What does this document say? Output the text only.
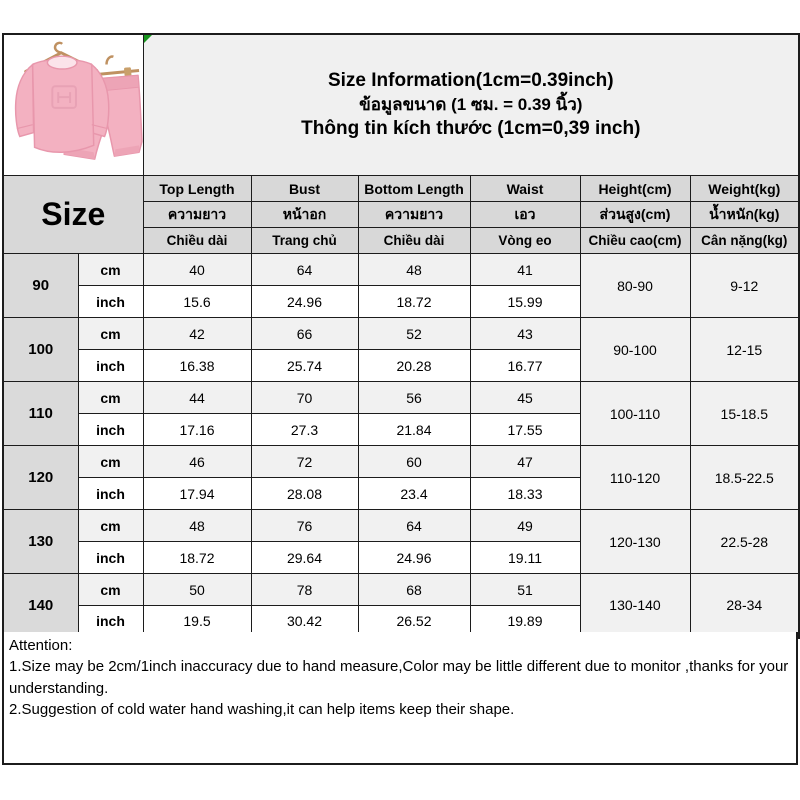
Size Information(1cm=0.39inch)
ข้อมูลขนาด (1 ซม. = 0.39 นิ้ว)
Thông tin kích thước (1cm=0,39 inch)					

Size		Top Length	Bust	Bottom Length	Waist	Height(cm)	Weight(kg)
		ความยาว	หน้าอก	ความยาว	เอว	ส่วนสูง(cm)	น้ำหนัก(kg)
		Chiều dài	Trang chủ	Chiều dài	Vòng eo	Chiều cao(cm)	Cân nặng(kg)
90	cm	40	64	48	41	80-90	9-12
	inch	15.6	24.96	18.72	15.99		
100	cm	42	66	52	43	90-100	12-15
	inch	16.38	25.74	20.28	16.77		
110	cm	44	70	56	45	100-110	15-18.5
	inch	17.16	27.3	21.84	17.55		
120	cm	46	72	60	47	110-120	18.5-22.5
	inch	17.94	28.08	23.4	18.33		
130	cm	48	76	64	49	120-130	22.5-28
	inch	18.72	29.64	24.96	19.11		
140	cm	50	78	68	51	130-140	28-34
	inch	19.5	30.42	26.52	19.89		
Attention:
1.Size may be 2cm/1inch inaccuracy due to hand measure,Color may be little different due to monitor ,thanks for your understanding.
2.Suggestion of cold water hand washing,it can help items keep their shape.
